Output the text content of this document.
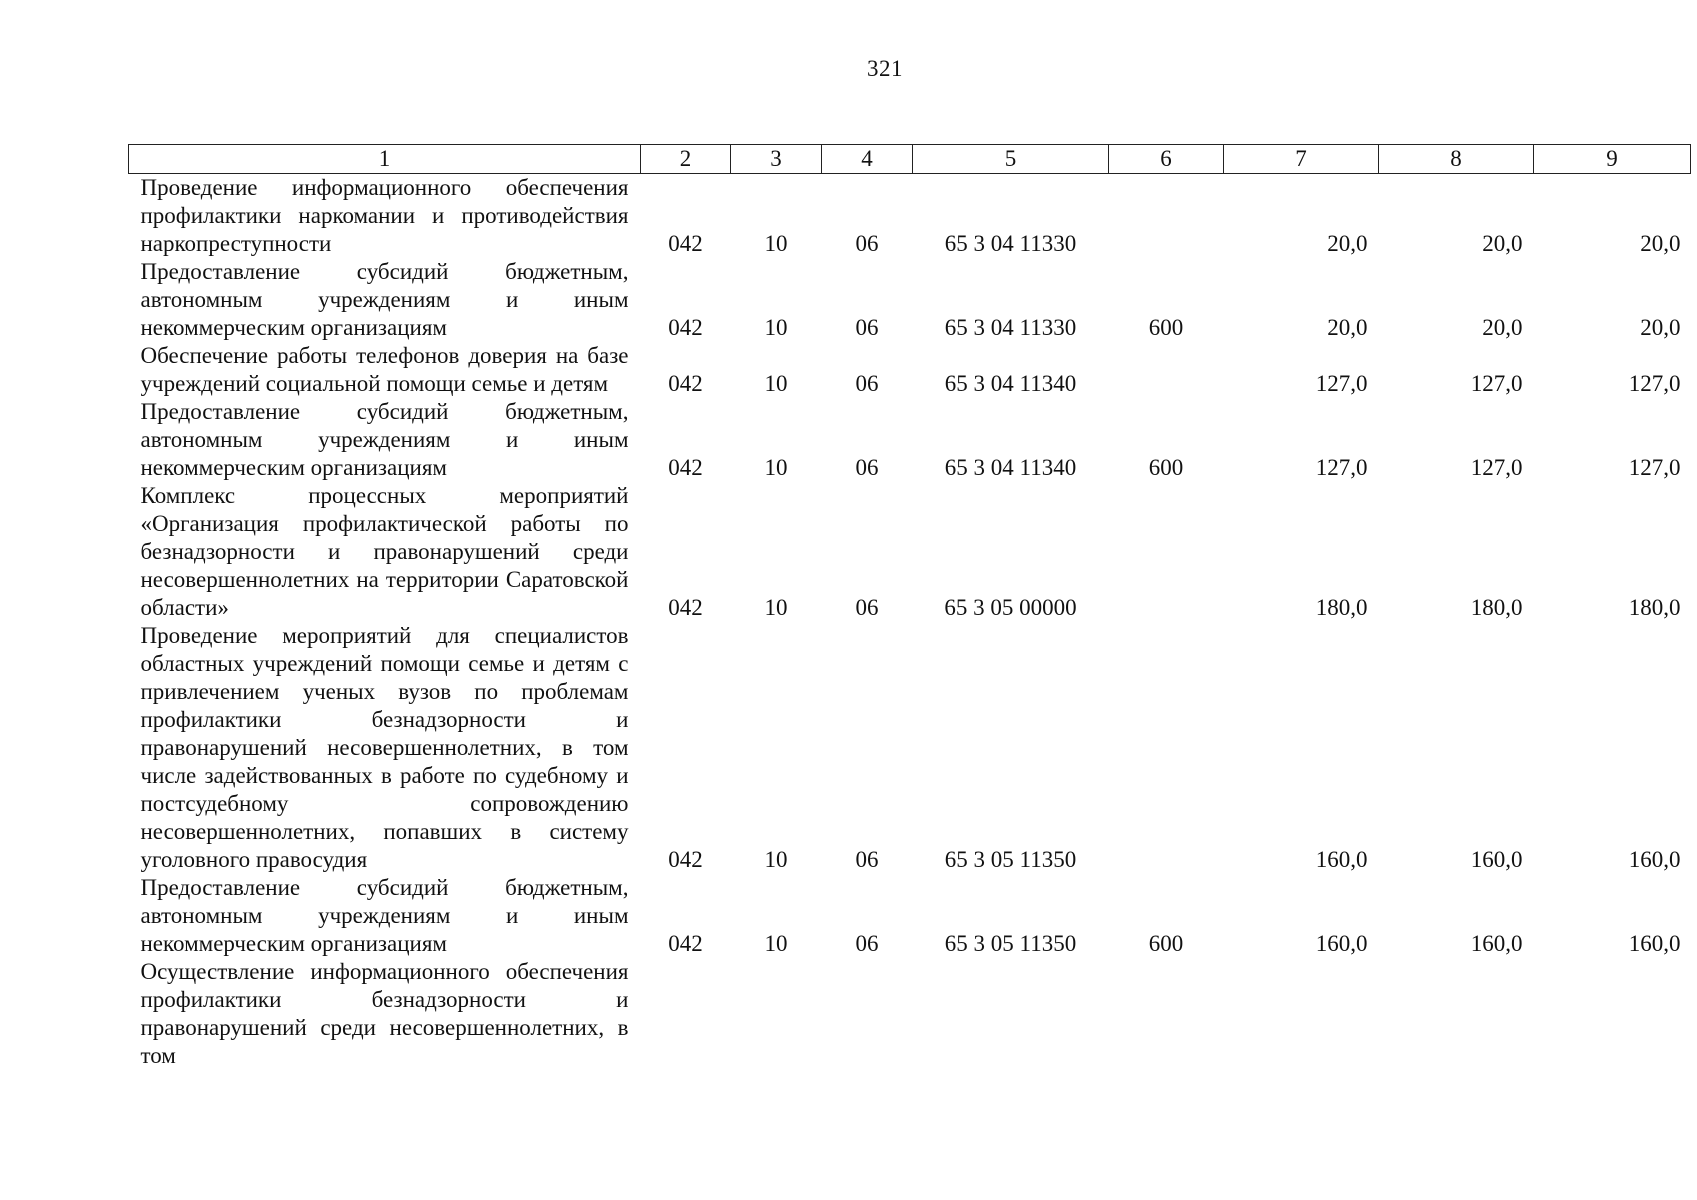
321
1	2	3	4	5	6	7	8	9
Проведение информационного обеспечения профилактики наркомании и противодействия наркопреступности	042	10	06	65 3 04 11330		20,0	20,0	20,0
Предоставление субсидий бюджетным, автономным учреждениям и иным некоммерческим организациям	042	10	06	65 3 04 11330	600	20,0	20,0	20,0
Обеспечение работы телефонов доверия на базе учреждений социальной помощи семье и детям	042	10	06	65 3 04 11340		127,0	127,0	127,0
Предоставление субсидий бюджетным, автономным учреждениям и иным некоммерческим организациям	042	10	06	65 3 04 11340	600	127,0	127,0	127,0
Комплекс процессных мероприятий «Организация профилактической работы по безнадзорности и правонарушений среди несовершеннолетних на территории Саратовской области»	042	10	06	65 3 05 00000		180,0	180,0	180,0
Проведение мероприятий для специалистов областных учреждений помощи семье и детям с привлечением ученых вузов по проблемам профилактики безнадзорности и правонарушений несовершеннолетних, в том числе задействованных в работе по судебному и постсудебному сопровождению несовершеннолетних, попавших в систему уголовного правосудия	042	10	06	65 3 05 11350		160,0	160,0	160,0
Предоставление субсидий бюджетным, автономным учреждениям и иным некоммерческим организациям	042	10	06	65 3 05 11350	600	160,0	160,0	160,0
Осуществление информационного обеспечения профилактики безнадзорности и правонарушений среди несовершеннолетних, в том								
